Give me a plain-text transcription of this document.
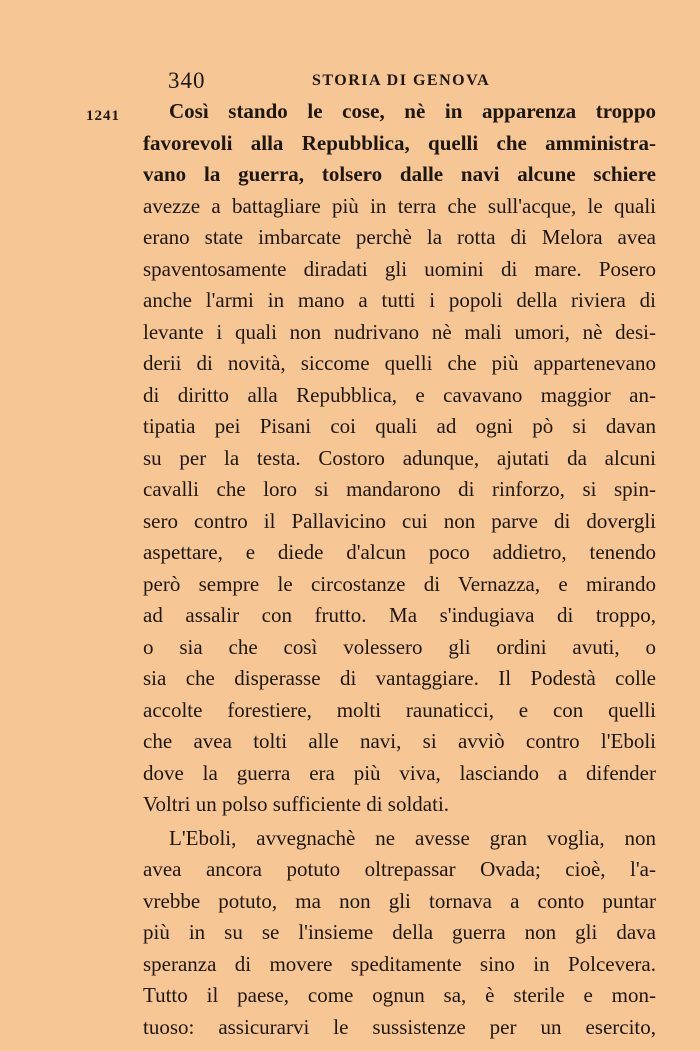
340	STORIA DI GENOVA
1241	Così stando le cose, nè in apparenza troppo
favorevoli alla Repubblica, quelli che amministra-
vano la guerra, tolsero dalle navi alcune schiere
avezze a battagliare più in terra che sull'acque, le quali
erano state imbarcate perchè la rotta di Melora avea
spaventosamente diradati gli uomini di mare. Posero
anche l'armi in mano a tutti i popoli della riviera di
levante i quali non nudrivano nè mali umori, nè desi-
derii di novità, siccome quelli che più appartenevano
di diritto alla Repubblica, e cavavano maggior an-
tipatia pei Pisani coi quali ad ogni pò si davan
su per la testa. Costoro adunque, ajutati da alcuni
cavalli che loro si mandarono di rinforzo, si spin-
sero contro il Pallavicino cui non parve di dovergli
aspettare, e diede d'alcun poco addietro, tenendo
però sempre le circostanze di Vernazza, e mirando
ad assalir con frutto. Ma s'indugiava di troppo,
o sia che così volessero gli ordini avuti, o
sia che disperasse di vantaggiare. Il Podestà colle
accolte forestiere, molti raunaticci, e con quelli
che avea tolti alle navi, si avviò contro l'Eboli
dove la guerra era più viva, lasciando a difender
Voltri un polso sufficiente di soldati.
L'Eboli, avvegnachè ne avesse gran voglia, non
avea ancora potuto oltrepassar Ovada; cioè, l'a-
vrebbe potuto, ma non gli tornava a conto puntar
più in su se l'insieme della guerra non gli dava
speranza di movere speditamente sino in Polcevera.
Tutto il paese, come ognun sa, è sterile e mon-
tuoso: assicurarvi le sussistenze per un esercito,
